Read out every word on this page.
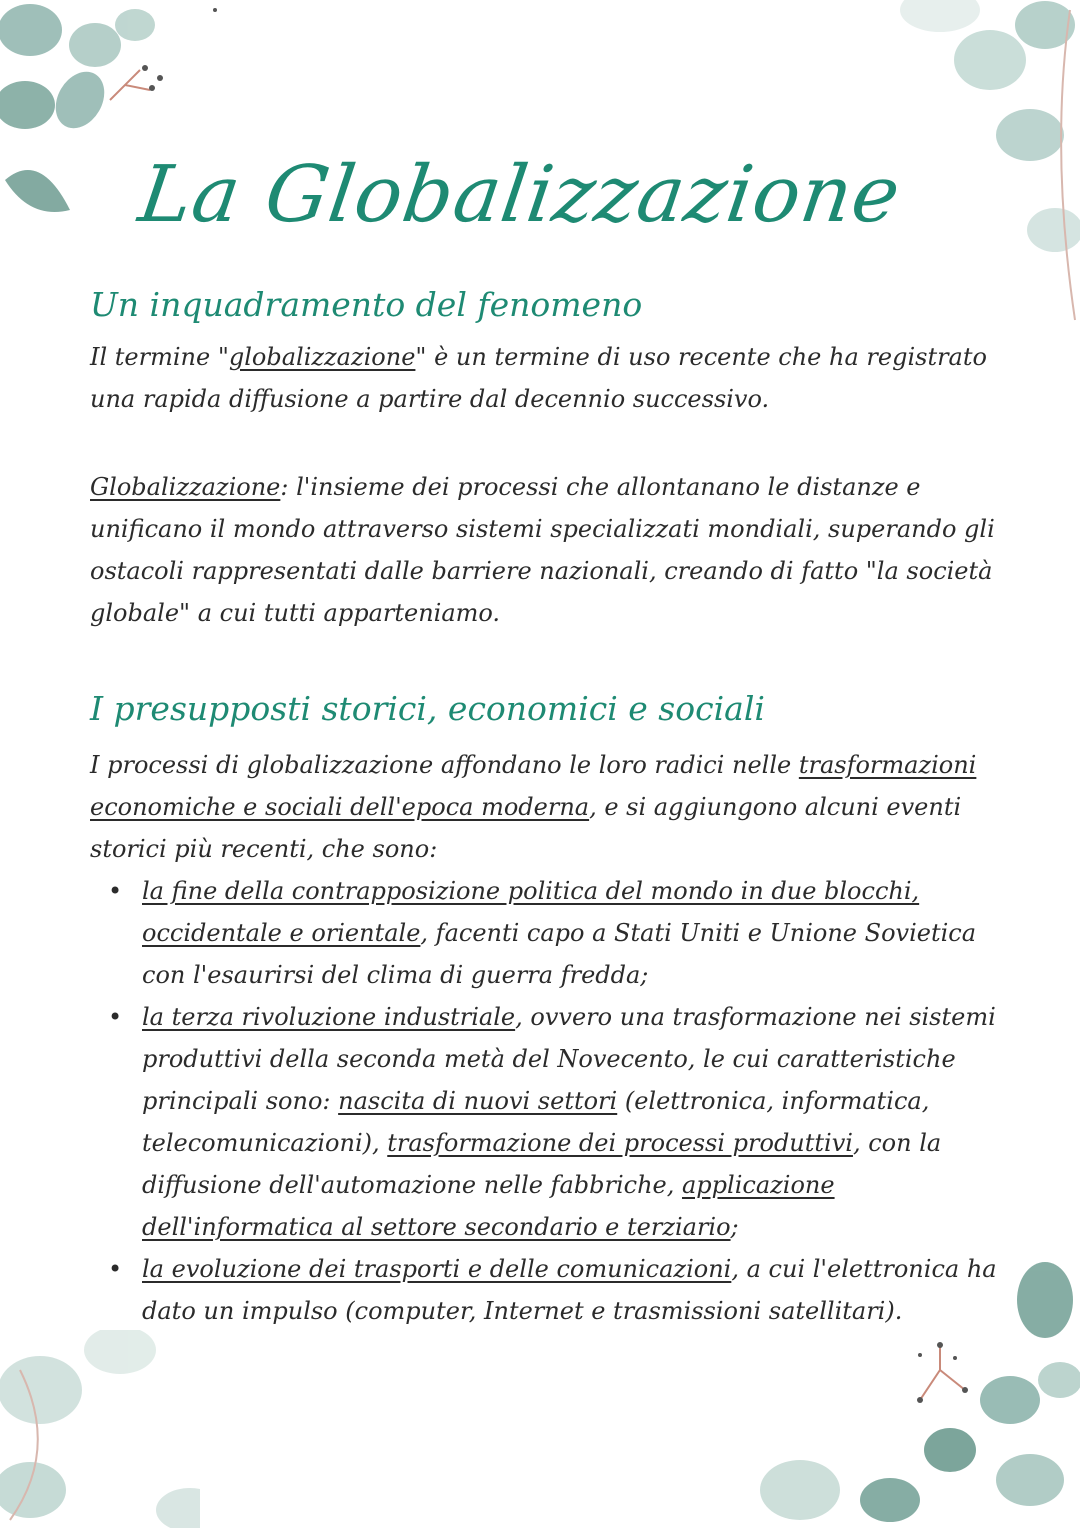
La Globalizzazione
Un inquadramento del fenomeno

Il termine "globalizzazione" è un termine di uso recente che ha registrato una rapida diffusione a partire dal decennio successivo.

Globalizzazione: l'insieme dei processi che allontanano le distanze e unificano il mondo attraverso sistemi specializzati mondiali, superando gli ostacoli rappresentati dalle barriere nazionali, creando di fatto "la società globale" a cui tutti apparteniamo.

I presupposti storici, economici e sociali

I processi di globalizzazione affondano le loro radici nelle trasformazioni economiche e sociali dell'epoca moderna, e si aggiungono alcuni eventi storici più recenti, che sono:

• la fine della contrapposizione politica del mondo in due blocchi, occidentale e orientale, facenti capo a Stati Uniti e Unione Sovietica con l'esaurirsi del clima di guerra fredda;
• la terza rivoluzione industriale, ovvero una trasformazione nei sistemi produttivi della seconda metà del Novecento, le cui caratteristiche principali sono: nascita di nuovi settori (elettronica, informatica, telecomunicazioni), trasformazione dei processi produttivi, con la diffusione dell'automazione nelle fabbriche, applicazione dell'informatica al settore secondario e terziario;
• la evoluzione dei trasporti e delle comunicazioni, a cui l'elettronica ha dato un impulso (computer, Internet e trasmissioni satellitari).
